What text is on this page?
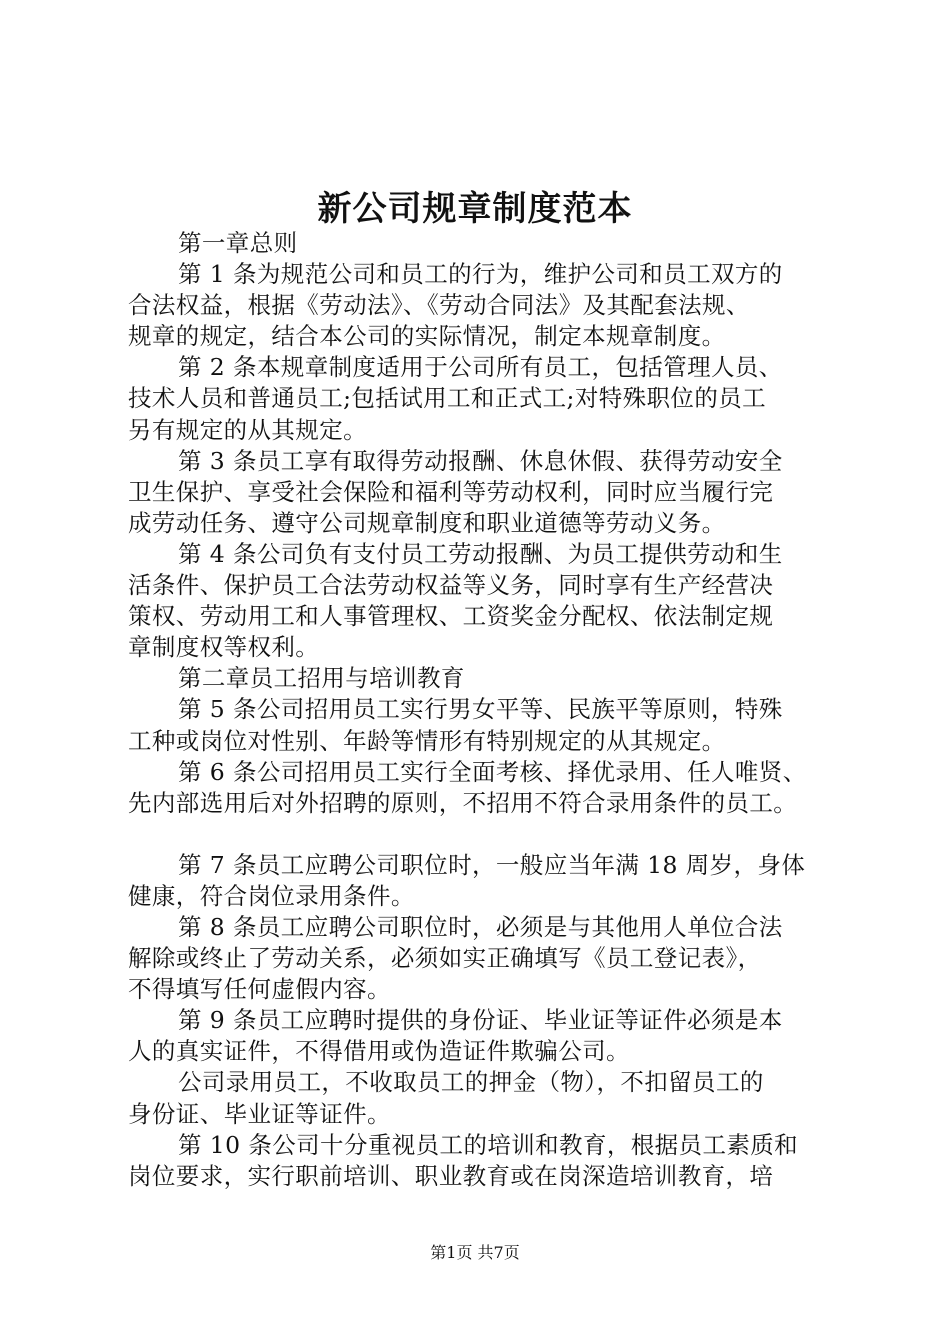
新公司规章制度范本
第一章总则
第 1 条为规范公司和员工的行为，维护公司和员工双方的
合法权益，根据《劳动法》、《劳动合同法》及其配套法规、
规章的规定，结合本公司的实际情况，制定本规章制度。
第 2 条本规章制度适用于公司所有员工，包括管理人员、
技术人员和普通员工;包括试用工和正式工;对特殊职位的员工
另有规定的从其规定。
第 3 条员工享有取得劳动报酬、休息休假、获得劳动安全
卫生保护、享受社会保险和福利等劳动权利，同时应当履行完
成劳动任务、遵守公司规章制度和职业道德等劳动义务。
第 4 条公司负有支付员工劳动报酬、为员工提供劳动和生
活条件、保护员工合法劳动权益等义务，同时享有生产经营决
策权、劳动用工和人事管理权、工资奖金分配权、依法制定规
章制度权等权利。
第二章员工招用与培训教育
第 5 条公司招用员工实行男女平等、民族平等原则，特殊
工种或岗位对性别、年龄等情形有特别规定的从其规定。
第 6 条公司招用员工实行全面考核、择优录用、任人唯贤、
先内部选用后对外招聘的原则，不招用不符合录用条件的员工。
第 7 条员工应聘公司职位时，一般应当年满 18 周岁，身体
健康，符合岗位录用条件。
第 8 条员工应聘公司职位时，必须是与其他用人单位合法
解除或终止了劳动关系，必须如实正确填写《员工登记表》，
不得填写任何虚假内容。
第 9 条员工应聘时提供的身份证、毕业证等证件必须是本
人的真实证件，不得借用或伪造证件欺骗公司。
公司录用员工，不收取员工的押金（物），不扣留员工的
身份证、毕业证等证件。
第 10 条公司十分重视员工的培训和教育，根据员工素质和
岗位要求，实行职前培训、职业教育或在岗深造培训教育，培
第1页 共7页
